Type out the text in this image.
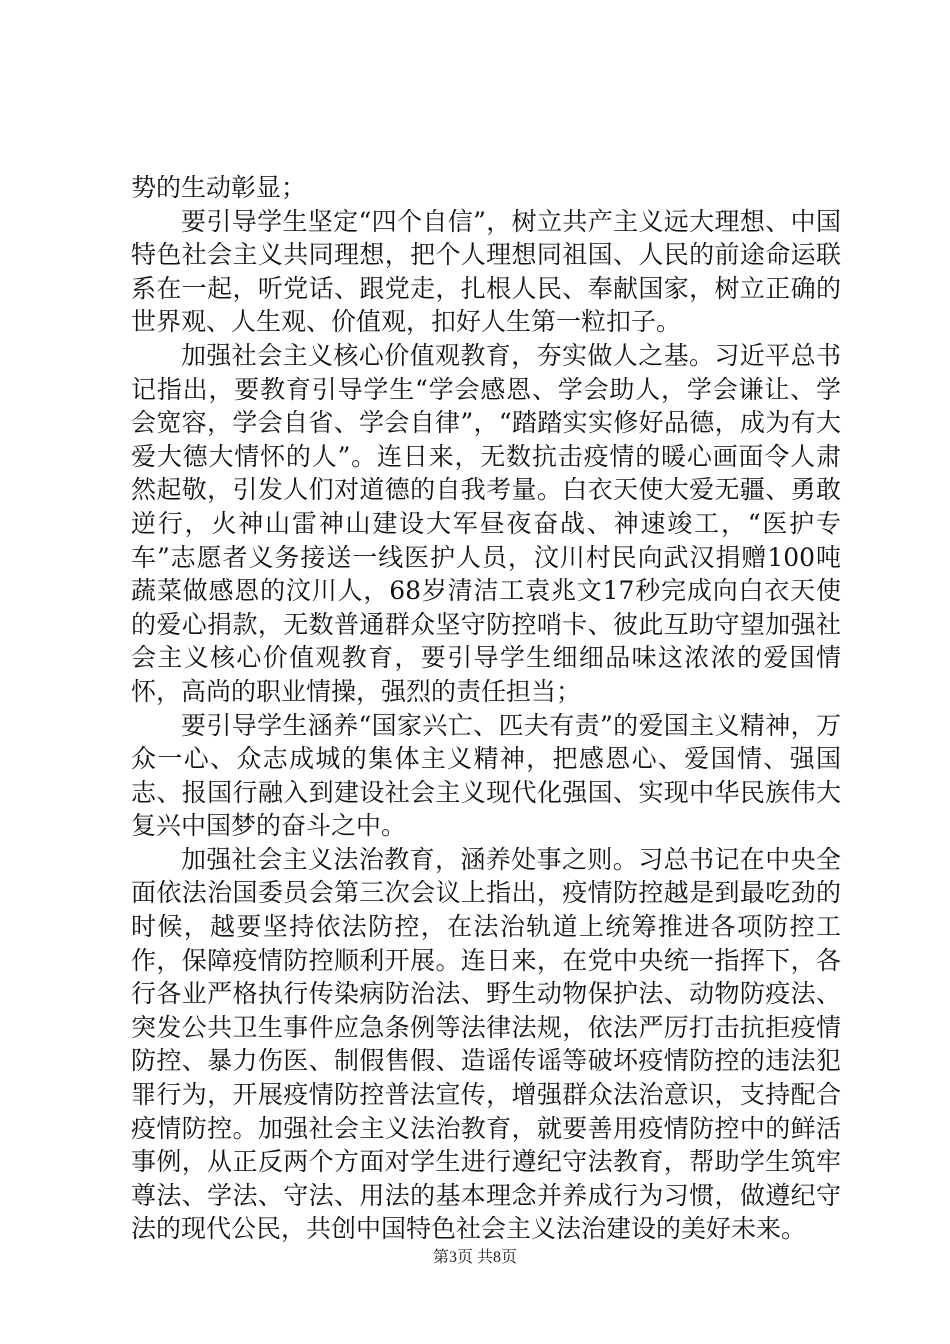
势的生动彰显；

要引导学生坚定“四个自信”，树立共产主义远大理想、中国特色社会主义共同理想，把个人理想同祖国、人民的前途命运联系在一起，听党话、跟党走，扎根人民、奉献国家，树立正确的世界观、人生观、价值观，扣好人生第一粒扣子。

加强社会主义核心价值观教育，夯实做人之基。习近平总书记指出，要教育引导学生“学会感恩、学会助人，学会谦让、学会宽容，学会自省、学会自律”，“踏踏实实修好品德，成为有大爱大德大情怀的人”。连日来，无数抗击疫情的暖心画面令人肃然起敬，引发人们对道德的自我考量。白衣天使大爱无疆、勇敢逆行，火神山雷神山建设大军昼夜奋战、神速竣工，“医护专车”志愿者义务接送一线医护人员，汶川村民向武汉捐赠100吨蔬菜做感恩的汶川人，68岁清洁工袁兆文17秒完成向白衣天使的爱心捐款，无数普通群众坚守防控哨卡、彼此互助守望加强社会主义核心价值观教育，要引导学生细细品味这浓浓的爱国情怀，高尚的职业情操，强烈的责任担当；

要引导学生涵养“国家兴亡、匹夫有责”的爱国主义精神，万众一心、众志成城的集体主义精神，把感恩心、爱国情、强国志、报国行融入到建设社会主义现代化强国、实现中华民族伟大复兴中国梦的奋斗之中。

加强社会主义法治教育，涵养处事之则。习总书记在中央全面依法治国委员会第三次会议上指出，疫情防控越是到最吃劲的时候，越要坚持依法防控，在法治轨道上统筹推进各项防控工作，保障疫情防控顺利开展。连日来，在党中央统一指挥下，各行各业严格执行传染病防治法、野生动物保护法、动物防疫法、突发公共卫生事件应急条例等法律法规，依法严厉打击抗拒疫情防控、暴力伤医、制假售假、造谣传谣等破坏疫情防控的违法犯罪行为，开展疫情防控普法宣传，增强群众法治意识，支持配合疫情防控。加强社会主义法治教育，就要善用疫情防控中的鲜活事例，从正反两个方面对学生进行遵纪守法教育，帮助学生筑牢尊法、学法、守法、用法的基本理念并养成行为习惯，做遵纪守法的现代公民，共创中国特色社会主义法治建设的美好未来。

第3页 共8页
